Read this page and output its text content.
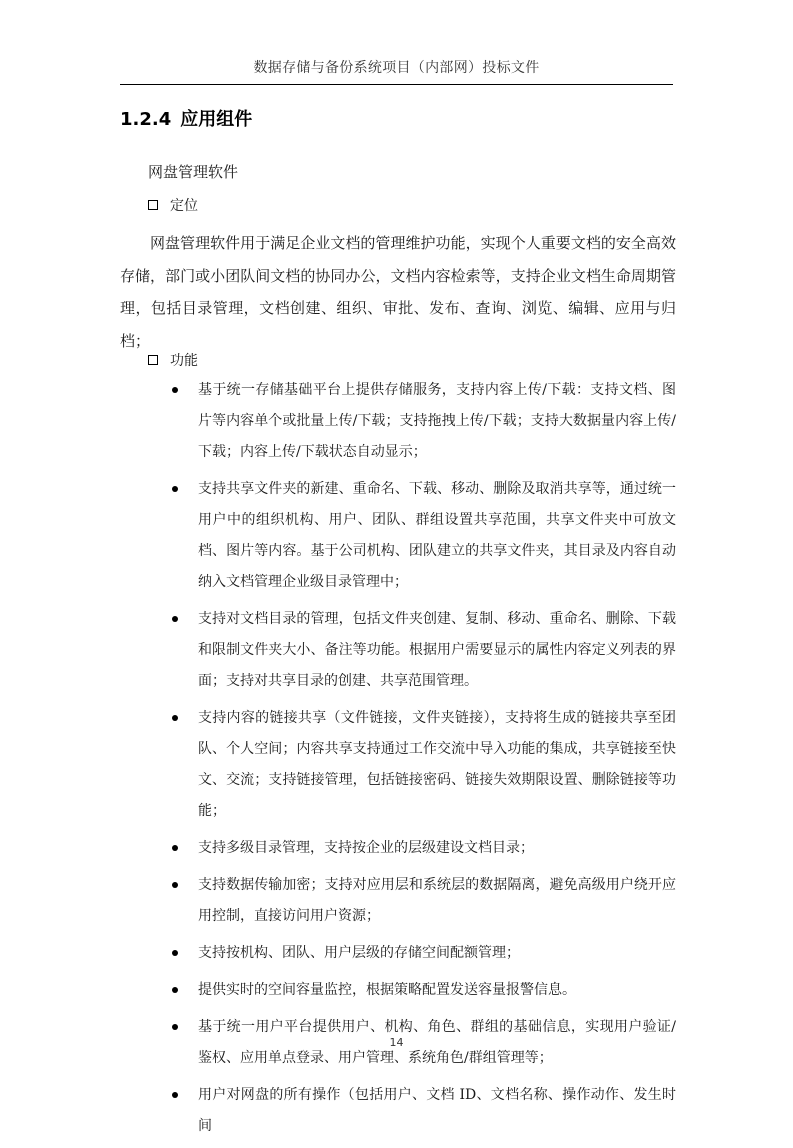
数据存储与备份系统项目（内部网）投标文件
1.2.4 应用组件
网盘管理软件
定位

网盘管理软件用于满足企业文档的管理维护功能，实现个人重要文档的安全高效存储，部门或小团队间文档的协同办公，文档内容检索等，支持企业文档生命周期管理，包括目录管理，文档创建、组织、审批、发布、查询、浏览、编辑、应用与归档；

功能
基于统一存储基础平台上提供存储服务，支持内容上传/下载：支持文档、图片等内容单个或批量上传/下载；支持拖拽上传/下载；支持大数据量内容上传/下载；内容上传/下载状态自动显示；
支持共享文件夹的新建、重命名、下载、移动、删除及取消共享等，通过统一用户中的组织机构、用户、团队、群组设置共享范围，共享文件夹中可放文档、图片等内容。基于公司机构、团队建立的共享文件夹，其目录及内容自动纳入文档管理企业级目录管理中；
支持对文档目录的管理，包括文件夹创建、复制、移动、重命名、删除、下载和限制文件夹大小、备注等功能。根据用户需要显示的属性内容定义列表的界面；支持对共享目录的创建、共享范围管理。
支持内容的链接共享（文件链接，文件夹链接），支持将生成的链接共享至团队、个人空间；内容共享支持通过工作交流中导入功能的集成，共享链接至快文、交流；支持链接管理，包括链接密码、链接失效期限设置、删除链接等功能；
支持多级目录管理，支持按企业的层级建设文档目录；
支持数据传输加密；支持对应用层和系统层的数据隔离，避免高级用户绕开应用控制，直接访问用户资源；
支持按机构、团队、用户层级的存储空间配额管理；
提供实时的空间容量监控，根据策略配置发送容量报警信息。
基于统一用户平台提供用户、机构、角色、群组的基础信息，实现用户验证/鉴权、应用单点登录、用户管理、系统角色/群组管理等；
用户对网盘的所有操作（包括用户、文档 ID、文档名称、操作动作、发生时间
14
